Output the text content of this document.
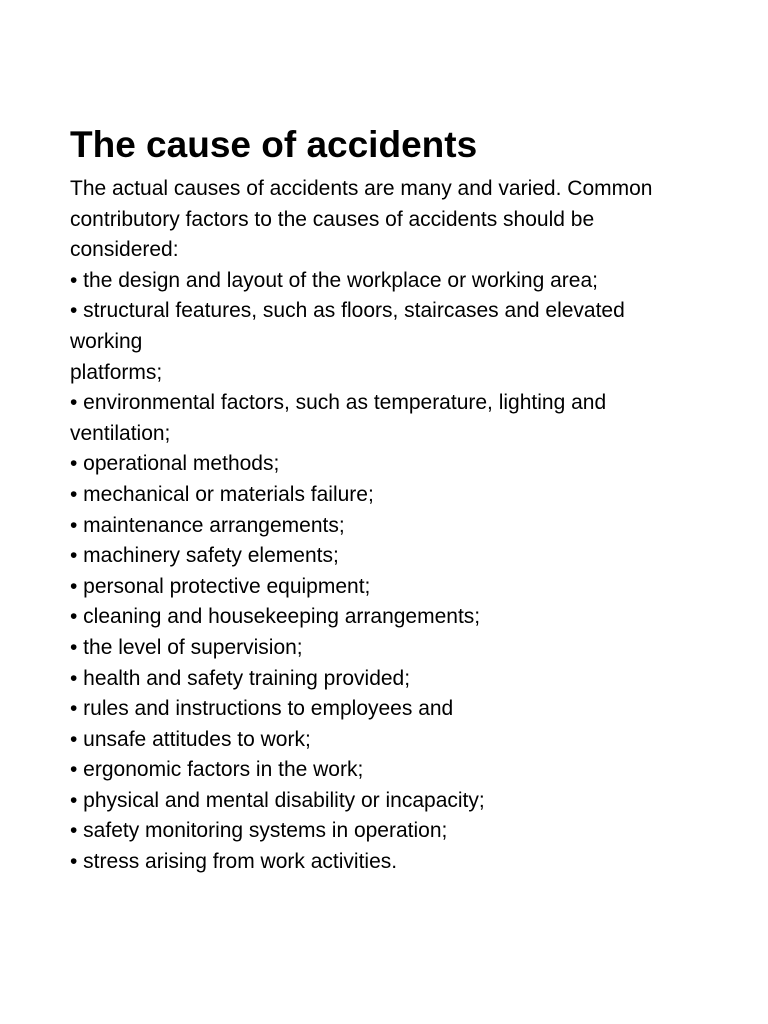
The cause of accidents

The actual causes of accidents are many and varied. Common

contributory factors to the causes of accidents should be

considered:

• the design and layout of the workplace or working area;

• structural features, such as floors, staircases and elevated

working

platforms;

• environmental factors, such as temperature, lighting and

ventilation;

• operational methods;

• mechanical or materials failure;

• maintenance arrangements;

• machinery safety elements;

• personal protective equipment;

• cleaning and housekeeping arrangements;

• the level of supervision;

• health and safety training provided;

• rules and instructions to employees and

• unsafe attitudes to work;

• ergonomic factors in the work;

• physical and mental disability or incapacity;

• safety monitoring systems in operation;

• stress arising from work activities.
